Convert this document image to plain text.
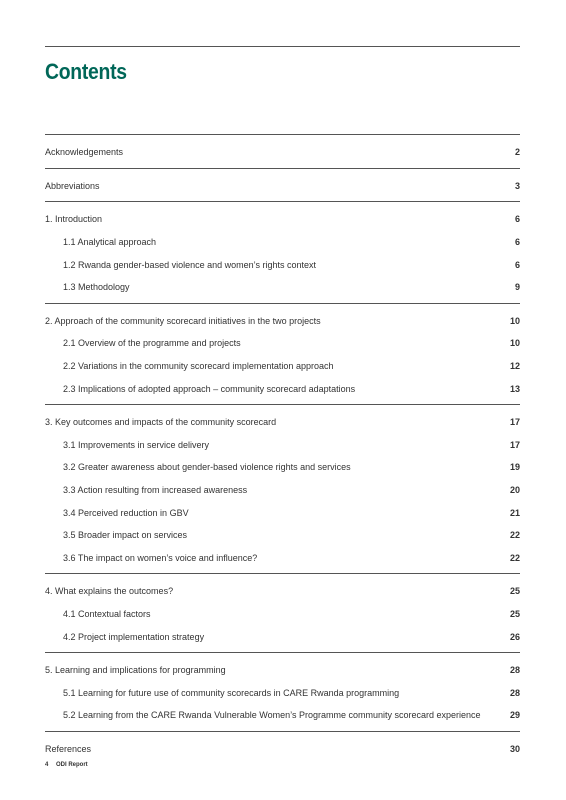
Contents
Acknowledgements	2
Abbreviations	3
1. Introduction	6
1.1 Analytical approach	6
1.2 Rwanda gender-based violence and women’s rights context	6
1.3 Methodology	9
2. Approach of the community scorecard initiatives in the two projects	10
2.1 Overview of the programme and projects	10
2.2 Variations in the community scorecard implementation approach	12
2.3 Implications of adopted approach – community scorecard adaptations	13
3. Key outcomes and impacts of the community scorecard	17
3.1 Improvements in service delivery	17
3.2 Greater awareness about gender-based violence rights and services	19
3.3 Action resulting from increased awareness	20
3.4 Perceived reduction in GBV	21
3.5 Broader impact on services	22
3.6 The impact on women’s voice and influence?	22
4. What explains the outcomes?	25
4.1 Contextual factors	25
4.2 Project implementation strategy	26
5. Learning and implications for programming	28
5.1 Learning for future use of community scorecards in CARE Rwanda programming	28
5.2 Learning from the CARE Rwanda Vulnerable Women’s Programme community scorecard experience	29
References	30
4 ODI Report
